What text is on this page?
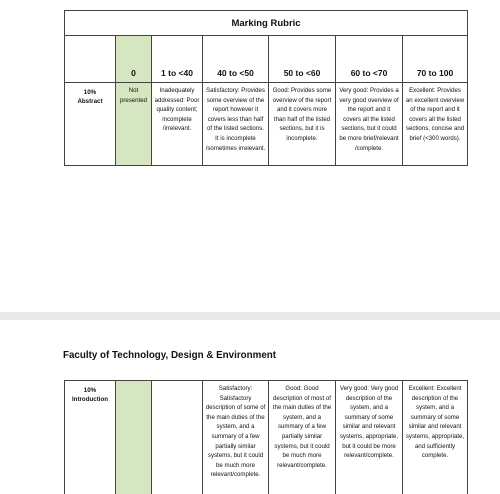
Marking Rubric						
	0	1 to <40	40 to <50	50 to <60	60 to <70	70 to 100

10%
Abstract	Not presented	Inadequately addressed: Poor quality content; incomplete /irrelevant.	Satisfactory: Provides some overview of the report however it covers less than half of the listed sections. It is incomplete /sometimes irrelevant.	Good: Provides some overview of the report and it covers more than half of the listed sections, but it is incomplete.	Very good: Provides a very good overview of the report and it covers all the listed sections, but it could be more brief/relevant /complete.	Excellent: Provides an excellent overview of the report and it covers all the listed sections, concise and brief (<300 words).
Faculty of Technology, Design & Environment
10%
Introduction
			Satisfactory: Satisfactory description of some of the main duties of the system, and a summary of a few partially similar systems, but it could be much more relevant/complete.	Good: Good description of most of the main duties of the system, and a summary of a few partially similar systems, but it could be much more relevant/complete.	Very good: Very good description of the system, and a summary of some similar and relevant systems, appropriate, but it could be more relevant/complete.	Excellent: Excellent description of the system, and a summary of some similar and relevant systems, appropriate, and sufficiently complete.
